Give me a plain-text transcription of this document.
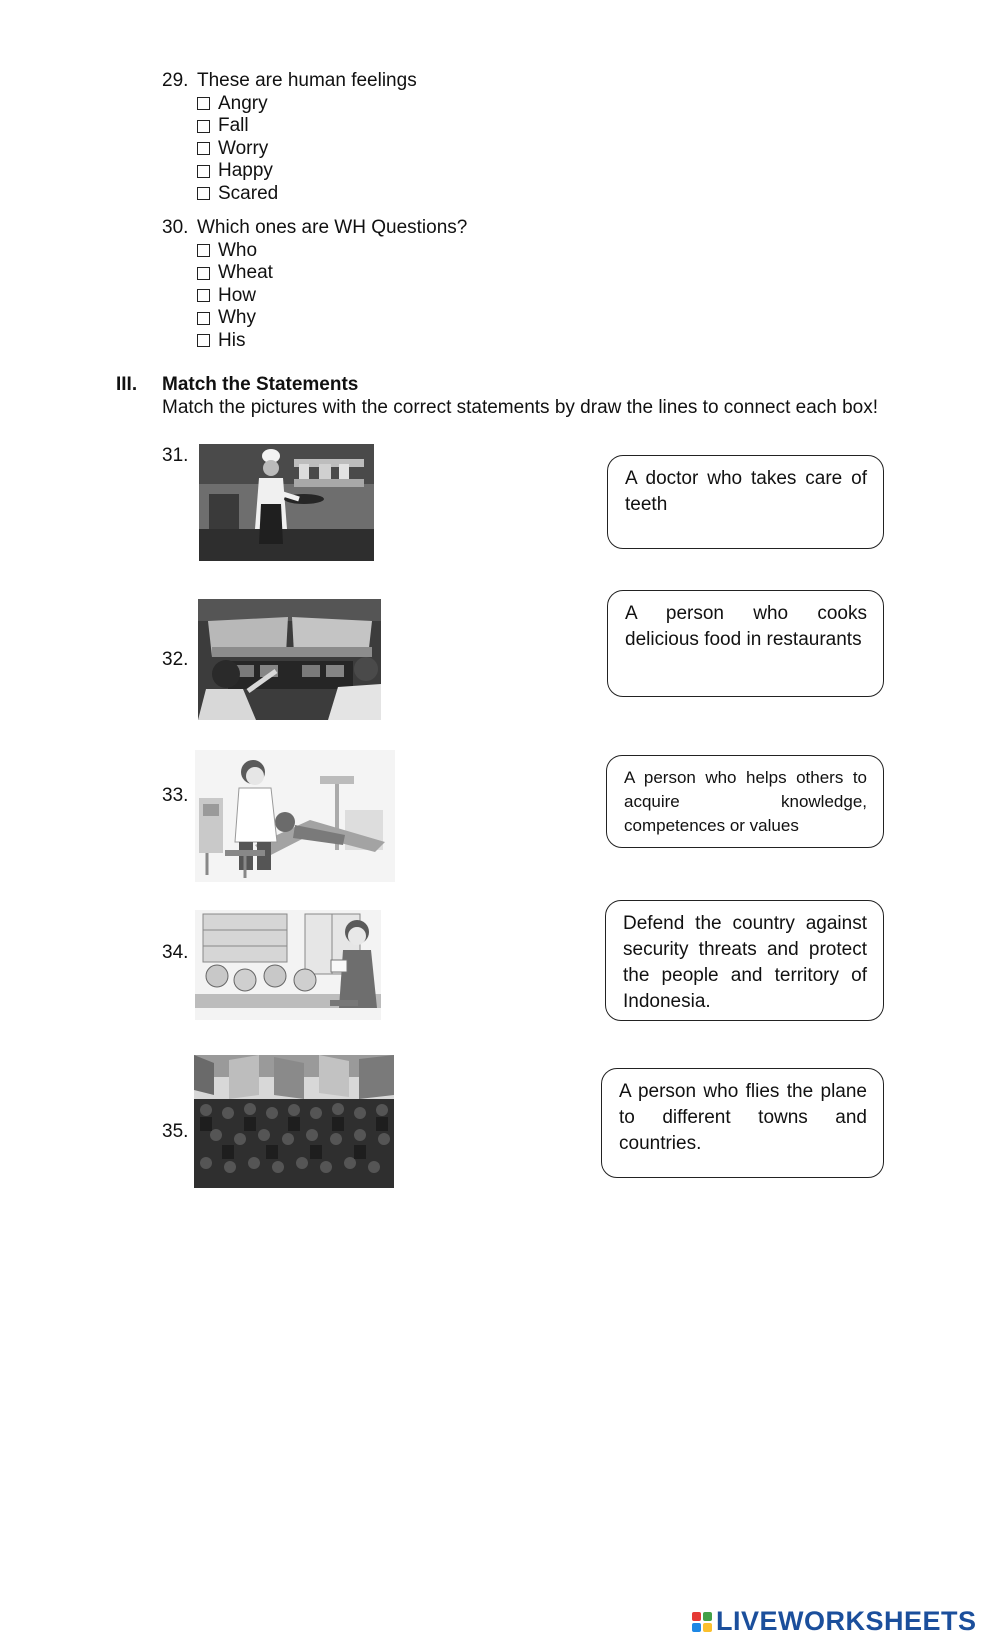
29. These are human feelings
Angry
Fall
Worry
Happy
Scared
30. Which ones are WH Questions?
Who
Wheat
How
Why
His
III. Match the Statements
Match the pictures with the correct statements by draw the lines to connect each box!
31.
32.
33.
34.
35.
A doctor who takes care of teeth
A person who cooks delicious food in restaurants
A person who helps others to acquire knowledge, competences or values
Defend the country against security threats and protect the people and territory of Indonesia.
A person who flies the plane to different towns and countries.
LIVEWORKSHEETS
